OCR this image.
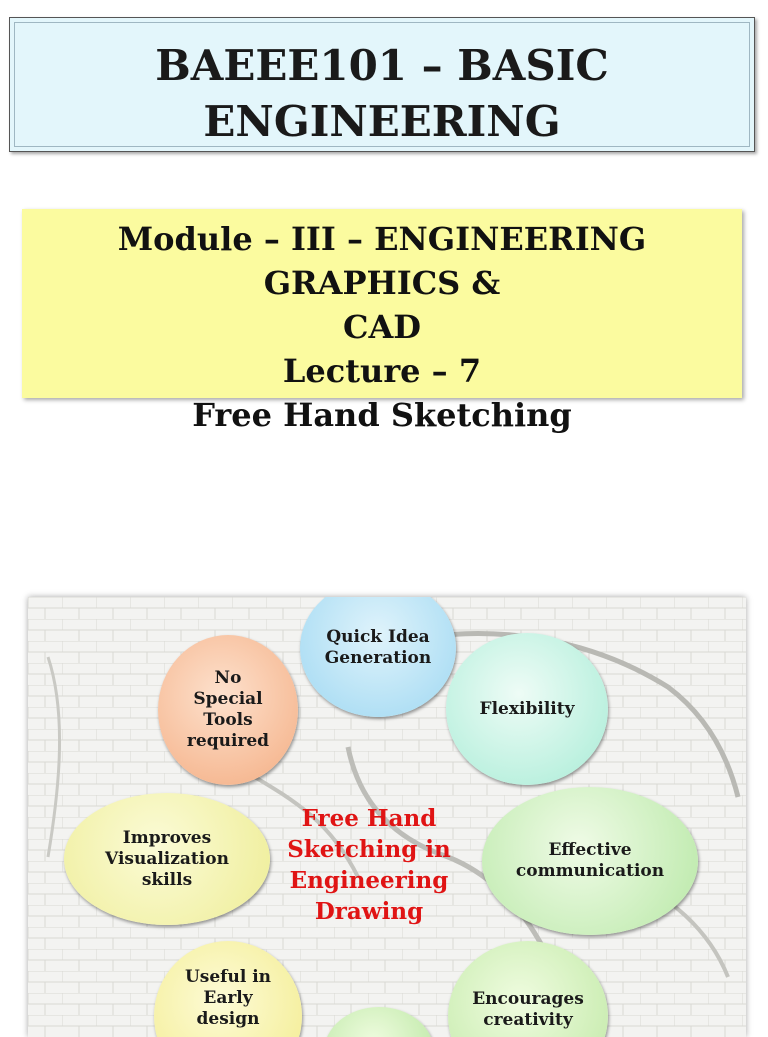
BAEEE101 – BASIC
ENGINEERING
Module – III – ENGINEERING GRAPHICS &
CAD
Lecture – 7
Free Hand Sketching
Quick Idea
Generation
Flexibility
No
Special
Tools
required
Effective
communication
Improves
Visualization
skills
Useful in
Early
design
Encourages
creativity
Free Hand
Sketching in
Engineering
Drawing
